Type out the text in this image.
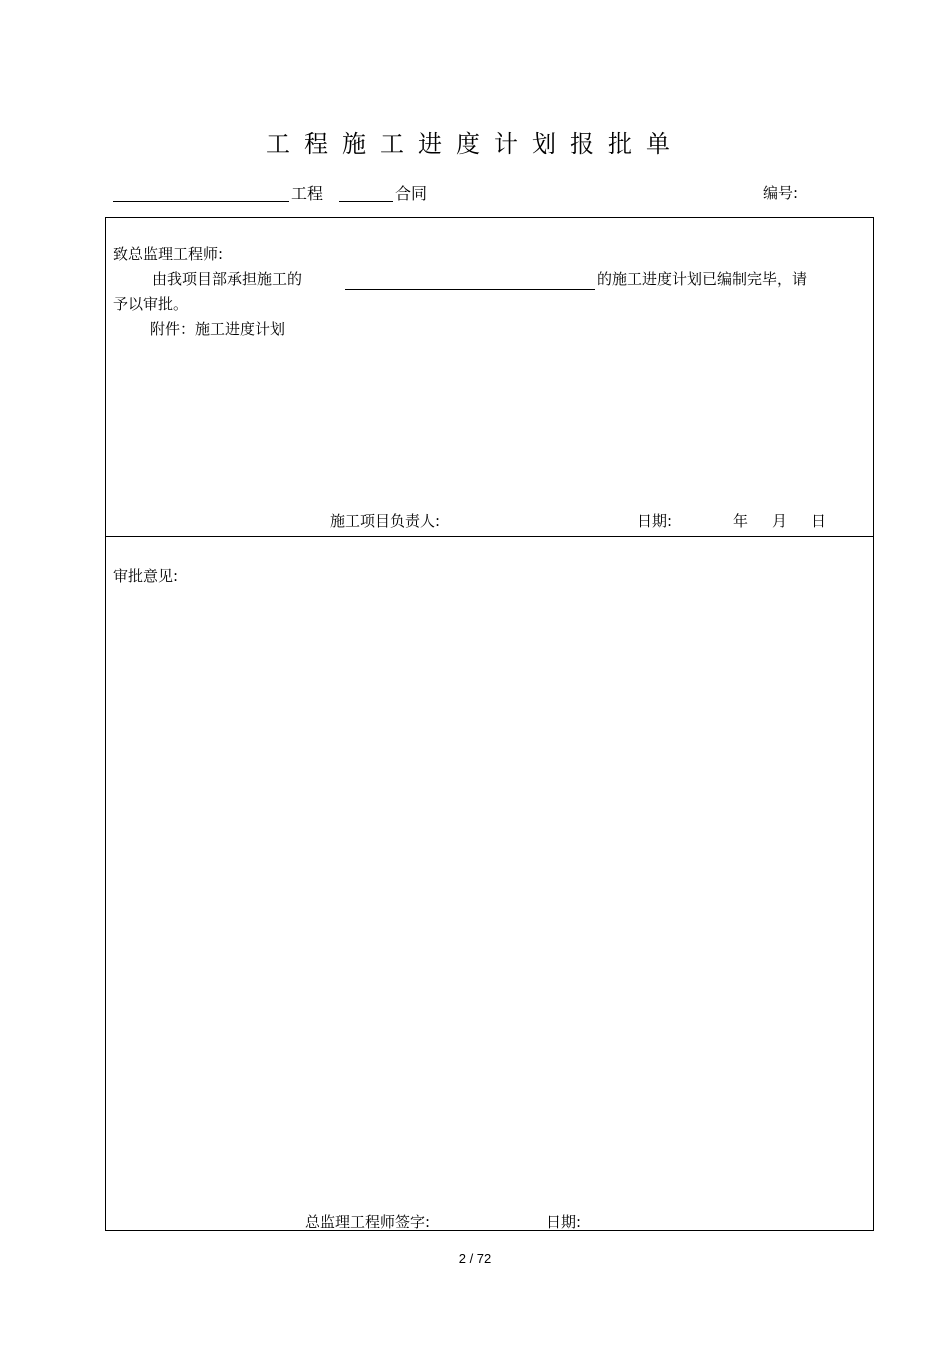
工程施工进度计划报批单
工程	合同	编号:
致总监理工程师:
由我项目部承担施工的	的施工进度计划已编制完毕，请
予以审批。
附件：施工进度计划
施工项目负责人:	日期:	年 月 日
审批意见:
总监理工程师签字:	日期:
2 / 72
